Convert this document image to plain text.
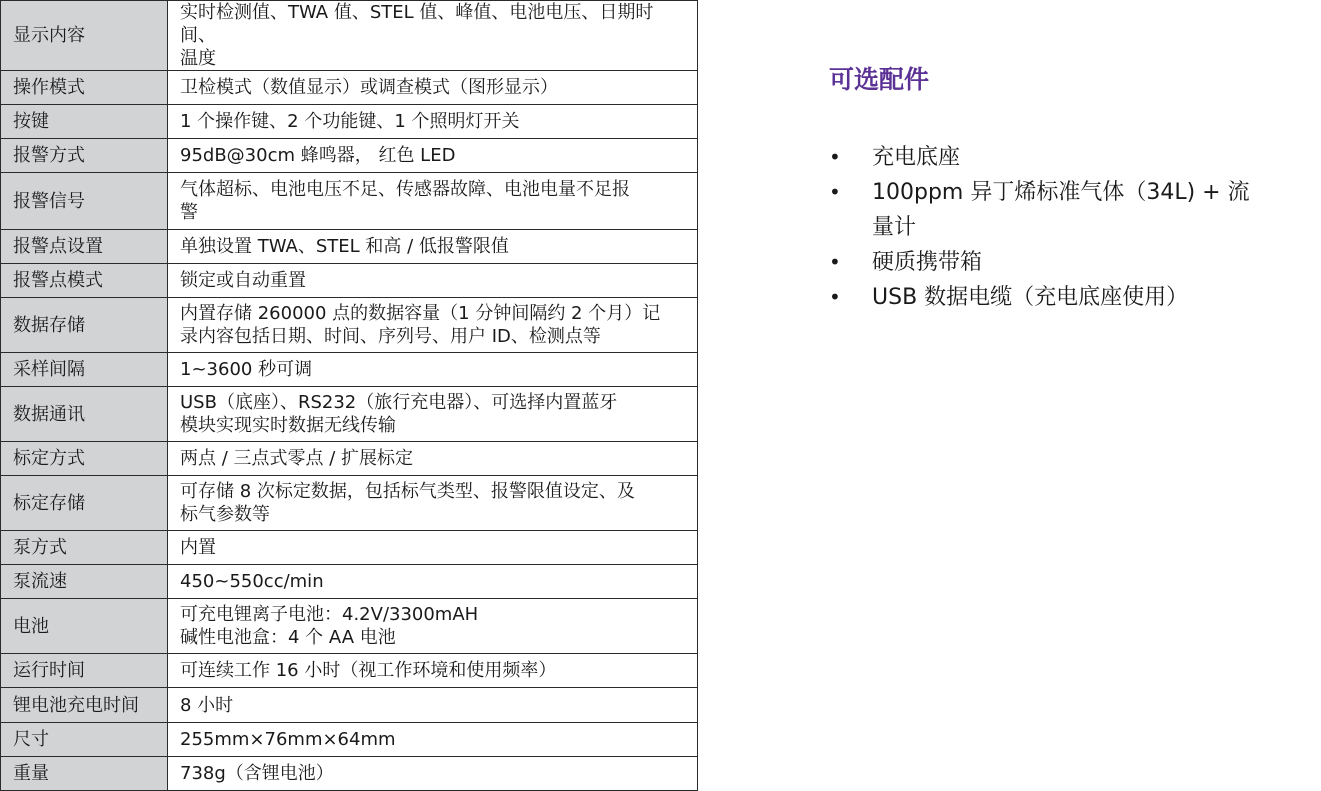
显示内容	实时检测值、TWA 值、STEL 值、峰值、电池电压、日期时间、
温度
操作模式	卫检模式（数值显示）或调查模式（图形显示）
按键	1 个操作键、2 个功能键、1 个照明灯开关
报警方式	95dB@30cm 蜂鸣器， 红色 LED
报警信号	气体超标、电池电压不足、传感器故障、电池电量不足报
警
报警点设置	单独设置 TWA、STEL 和高 / 低报警限值
报警点模式	锁定或自动重置
数据存储	内置存储 260000 点的数据容量（1 分钟间隔约 2 个月）记
录内容包括日期、时间、序列号、用户 ID、检测点等
采样间隔	1~3600 秒可调
数据通讯	USB（底座）、RS232（旅行充电器）、可选择内置蓝牙
模块实现实时数据无线传输
标定方式	两点 / 三点式零点 / 扩展标定
标定存储	可存储 8 次标定数据，包括标气类型、报警限值设定、及
标气参数等
泵方式	内置
泵流速	450~550cc/min
电池	可充电锂离子电池：4.2V/3300mAH
碱性电池盒：4 个 AA 电池
运行时间	可连续工作 16 小时（视工作环境和使用频率）
锂电池充电时间	8 小时
尺寸	255mm×76mm×64mm
重量	738g（含锂电池）
可选配件
• 充电底座
• 100ppm 异丁烯标准气体（34L) + 流
量计
• 硬质携带箱
• USB 数据电缆（充电底座使用）
